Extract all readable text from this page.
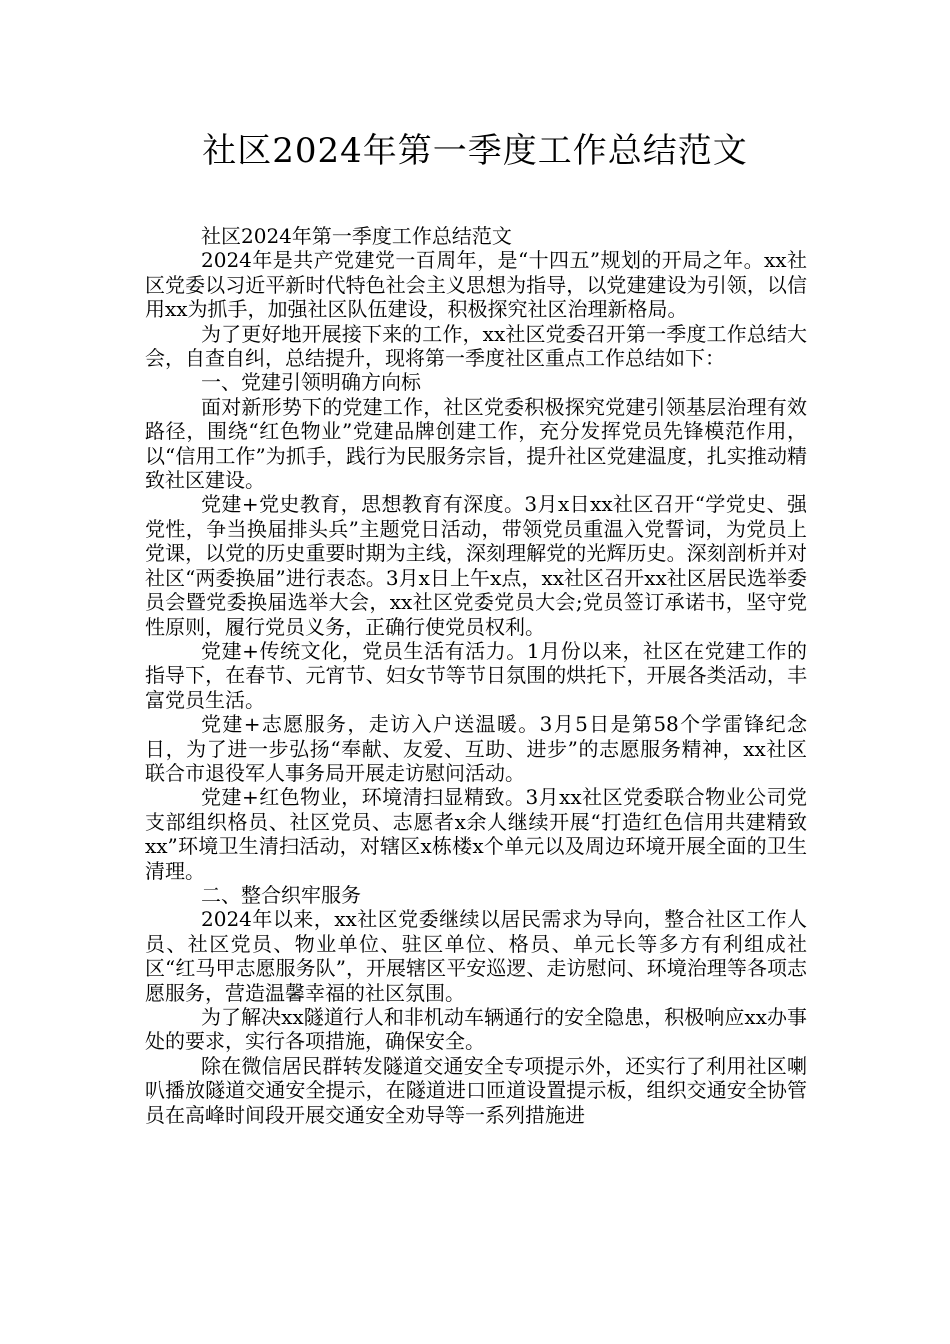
社区2024年第一季度工作总结范文

社区2024年第一季度工作总结范文

2024年是共产党建党一百周年，是“十四五”规划的开局之年。xx社区党委以习近平新时代特色社会主义思想为指导，以党建建设为引领，以信用xx为抓手，加强社区队伍建设，积极探究社区治理新格局。

为了更好地开展接下来的工作，xx社区党委召开第一季度工作总结大会，自查自纠，总结提升，现将第一季度社区重点工作总结如下：

一、党建引领明确方向标

面对新形势下的党建工作，社区党委积极探究党建引领基层治理有效路径，围绕“红色物业”党建品牌创建工作，充分发挥党员先锋模范作用，以“信用工作”为抓手，践行为民服务宗旨，提升社区党建温度，扎实推动精致社区建设。

党建+党史教育，思想教育有深度。3月x日xx社区召开“学党史、强党性，争当换届排头兵”主题党日活动，带领党员重温入党誓词，为党员上党课，以党的历史重要时期为主线，深刻理解党的光辉历史。深刻剖析并对社区“两委换届”进行表态。3月x日上午x点，xx社区召开xx社区居民选举委员会暨党委换届选举大会，xx社区党委党员大会;党员签订承诺书，坚守党性原则，履行党员义务，正确行使党员权利。

党建+传统文化，党员生活有活力。1月份以来，社区在党建工作的指导下，在春节、元宵节、妇女节等节日氛围的烘托下，开展各类活动，丰富党员生活。

党建+志愿服务，走访入户送温暖。3月5日是第58个学雷锋纪念日，为了进一步弘扬“奉献、友爱、互助、进步”的志愿服务精神，xx社区联合市退役军人事务局开展走访慰问活动。

党建+红色物业，环境清扫显精致。3月xx社区党委联合物业公司党支部组织格员、社区党员、志愿者x余人继续开展“打造红色信用共建精致xx”环境卫生清扫活动，对辖区x栋楼x个单元以及周边环境开展全面的卫生清理。

二、整合织牢服务

2024年以来，xx社区党委继续以居民需求为导向，整合社区工作人员、社区党员、物业单位、驻区单位、格员、单元长等多方有利组成社区“红马甲志愿服务队”，开展辖区平安巡逻、走访慰问、环境治理等各项志愿服务，营造温馨幸福的社区氛围。

为了解决xx隧道行人和非机动车辆通行的安全隐患，积极响应xx办事处的要求，实行各项措施，确保安全。

除在微信居民群转发隧道交通安全专项提示外，还实行了利用社区喇叭播放隧道交通安全提示，在隧道进口匝道设置提示板，组织交通安全协管员在高峰时间段开展交通安全劝导等一系列措施进
